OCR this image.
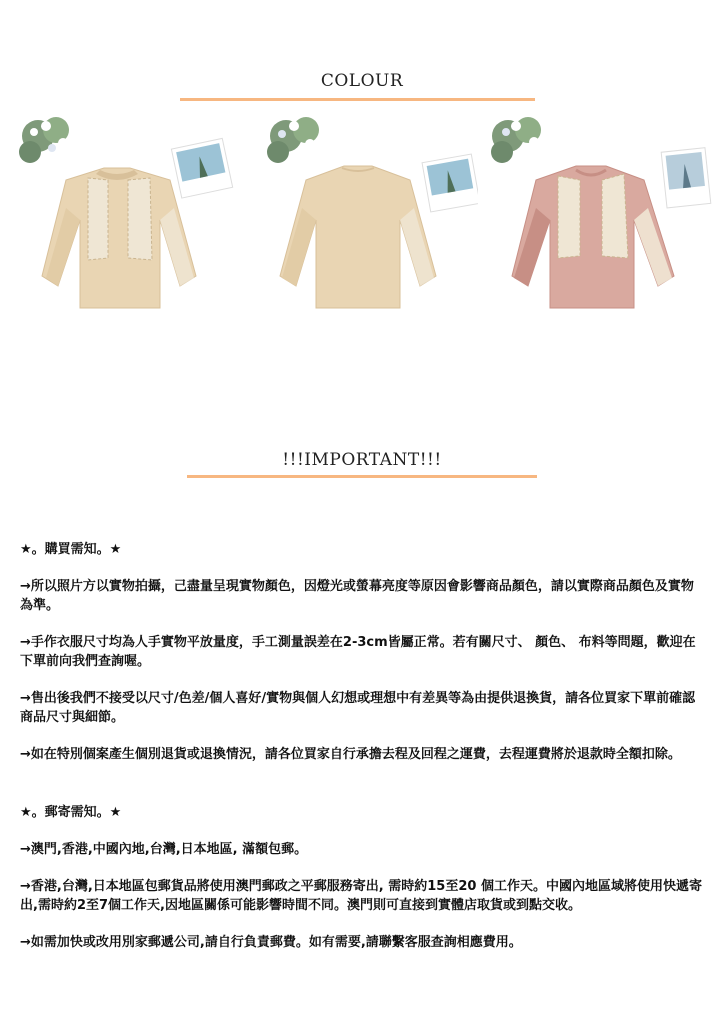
COLOUR
!!!IMPORTANT!!!

★。購買需知。★

→所以照片方以實物拍攝，己盡量呈現實物顏色，因燈光或螢幕亮度等原因會影響商品顏色，請以實際商品顏色及實物為準。

→手作衣服尺寸均為人手實物平放量度，手工測量誤差在2-3cm皆屬正常。若有關尺寸、 顏色、 布料等問題，歡迎在下單前向我們查詢喔。

→售出後我們不接受以尺寸/色差/個人喜好/實物與個人幻想或理想中有差異等為由提供退換貨，請各位買家下單前確認商品尺寸與細節。

→如在特別個案產生個別退貨或退換情況，請各位買家自行承擔去程及回程之運費，去程運費將於退款時全額扣除。

★。郵寄需知。★

→澳門,香港,中國內地,台灣,日本地區, 滿額包郵。

→香港,台灣,日本地區包郵貨品將使用澳門郵政之平郵服務寄出, 需時約15至20 個工作天。中國內地區域將使用快遞寄出,需時約2至7個工作天,因地區關係可能影響時間不同。澳門則可直接到實體店取貨或到點交收。

→如需加快或改用別家郵遞公司,請自行負責郵費。如有需要,請聯繫客服查詢相應費用。
